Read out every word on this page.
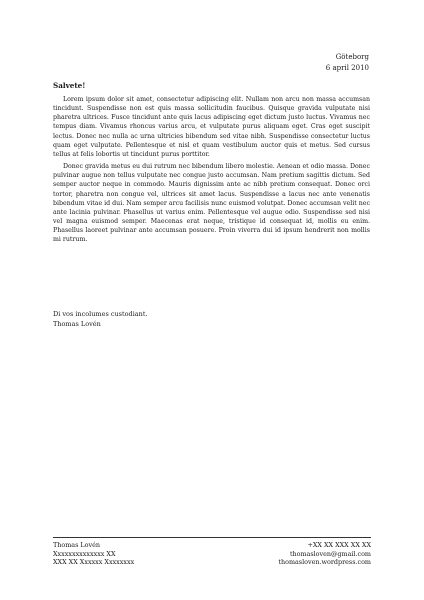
Göteborg
6 april 2010
Salvete!

Lorem ipsum dolor sit amet, consectetur adipiscing elit. Nullam non arcu non massa accumsan tincidunt. Suspendisse non est quis massa sollicitudin faucibus. Quisque gravida vulputate nisi pharetra ultrices. Fusce tincidunt ante quis lacus adipiscing eget dictum justo luctus. Vivamus nec tempus diam. Vivamus rhoncus varius arcu, et vulputate purus aliquam eget. Cras eget suscipit lectus. Donec nec nulla ac urna ultricies bibendum sed vitae nibh. Suspendisse consectetur luctus quam eget vulputate. Pellentesque et nisl et quam vestibulum auctor quis et metus. Sed cursus tellus at felis lobortis ut tincidunt purus porttitor.

Donec gravida metus eu dui rutrum nec bibendum libero molestie. Aenean et odio massa. Donec pulvinar augue non tellus vulputate nec congue justo accumsan. Nam pretium sagittis dictum. Sed semper auctor neque in commodo. Mauris dignissim ante ac nibh pretium consequat. Donec orci tortor, pharetra non congue vel, ultrices sit amet lacus. Suspendisse a lacus nec ante venenatis bibendum vitae id dui. Nam semper arcu facilisis nunc euismod volutpat. Donec accumsan velit nec ante lacinia pulvinar. Phasellus ut varius enim. Pellentesque vel augue odio. Suspendisse sed nisi vel magna euismod semper. Maecenas erat neque, tristique id consequat id, mollis eu enim. Phasellus laoreet pulvinar ante accumsan posuere. Proin viverra dui id ipsum hendrerit non mollis mi rutrum.

Di vos incolumes custodiant.
Thomas Lovén
Thomas Lovén
Xxxxxxxxxxxxxx XX
XXX XX Xxxxxx Xxxxxxxx
+XX XX XXX XX XX
thomasloven@gmail.com
thomasloven.wordpress.com
